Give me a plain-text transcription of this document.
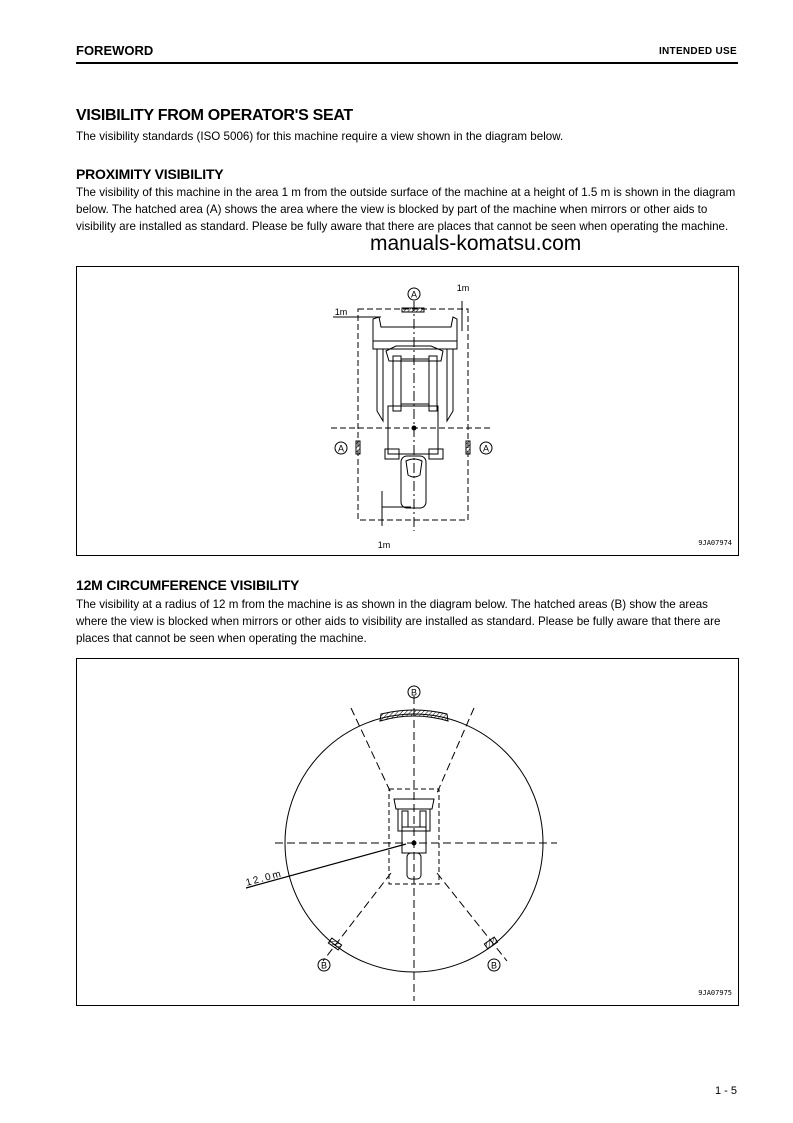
FOREWORD	INTENDED USE
VISIBILITY FROM OPERATOR'S SEAT

The visibility standards (ISO 5006) for this machine require a view shown in the diagram below.

PROXIMITY VISIBILITY

The visibility of this machine in the area 1 m from the outside surface of the machine at a height of 1.5 m is shown in the diagram below. The hatched area (A) shows the area where the view is blocked by part of the machine when mirrors or other aids to visibility are installed as standard. Please be fully aware that there are places that cannot be seen when operating the machine.

manuals-komatsu.com
A
A	A
1m
1m
1m	9JA07974
12M CIRCUMFERENCE VISIBILITY

The visibility at a radius of 12 m from the machine is as shown in the diagram below. The hatched areas (B) show the areas where the view is blocked when mirrors or other aids to visibility are installed as standard. Please be fully aware that there are places that cannot be seen when operating the machine.

B
B	B
12.0m
9JA07975
1 - 5
